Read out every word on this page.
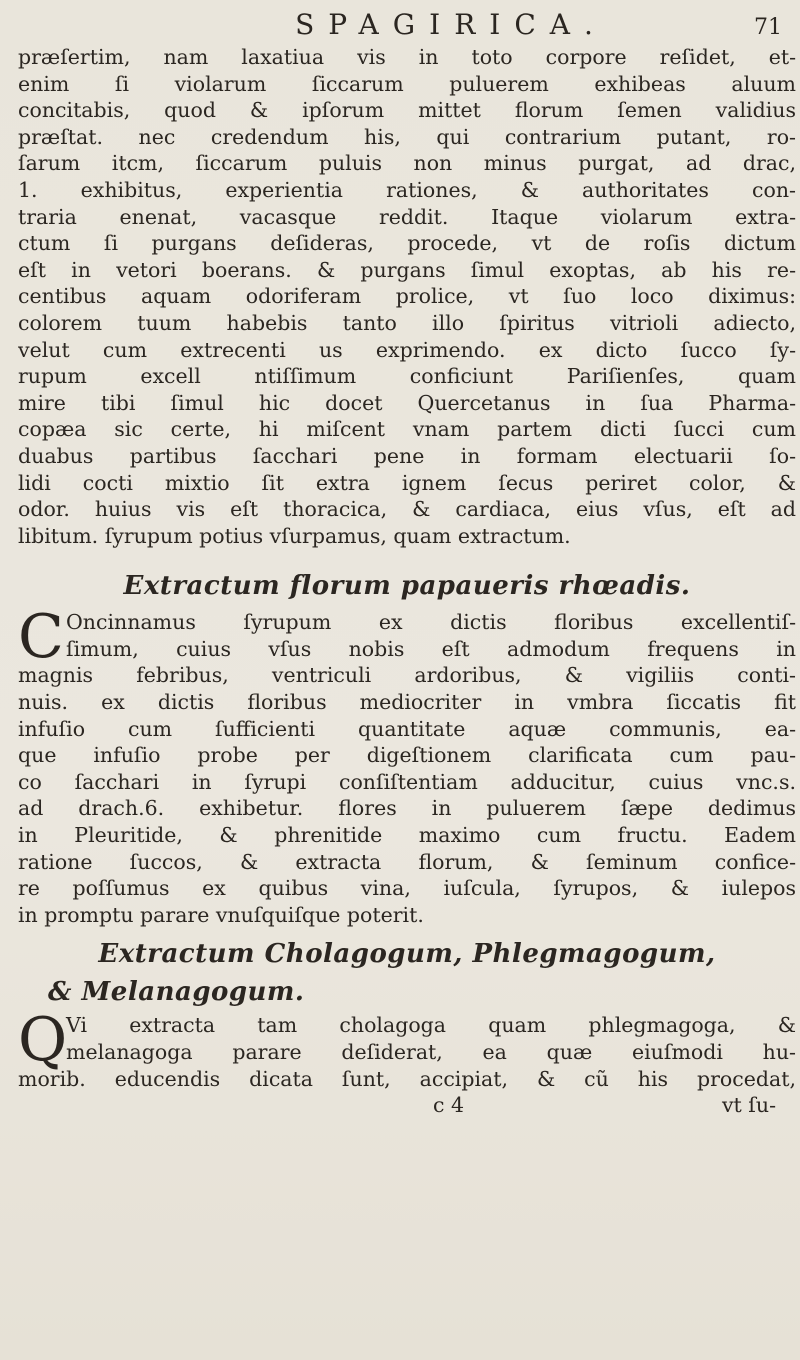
SPAGIRICA.	71
præſertim, nam laxatiua vis in toto corpore reſidet, et-
enim ſi violarum ſiccarum puluerem exhibeas aluum
concitabis, quod & ipſorum mittet florum ſemen validius
præſtat. nec credendum his, qui contrarium putant, ro-
ſarum itcm, ſiccarum puluis non minus purgat, ad drac,
1. exhibitus, experientia rationes, & authoritates con-
traria enenat, vacasque reddit. Itaque violarum extra-
ctum ſi purgans deſideras, procede, vt de roſis dictum
eſt in vetori boerans. & purgans ſimul exoptas, ab his re-
centibus aquam odoriferam prolice, vt ſuo loco diximus:
colorem tuum habebis tanto illo ſpiritus vitrioli adiecto,
velut cum extrecenti us exprimendo. ex dicto ſucco ſy-
rupum excell ntiſſimum conficiunt Pariſienſes, quam
mire tibi ſimul hic docet Quercetanus in ſua Pharma-
copæa sic certe, hi miſcent vnam partem dicti ſucci cum
duabus partibus ſacchari pene in formam electuarii ſo-
lidi cocti mixtio ſit extra ignem ſecus periret color, &
odor. huius vis eſt thoracica, & cardiaca, eius vſus, eſt ad
libitum. ſyrupum potius vſurpamus, quam extractum.
Extractum florum papaueris rhœadis.
C Oncinnamus ſyrupum ex dictis floribus excellentiſ-
ſimum, cuius vſus nobis eſt admodum frequens in
magnis febribus, ventriculi ardoribus, & vigiliis conti-
nuis. ex dictis floribus mediocriter in vmbra ſiccatis fit
infuſio cum ſufficienti quantitate aquæ communis, ea-
que infuſio probe per digeſtionem clarificata cum pau-
co ſacchari in ſyrupi conſiſtentiam adducitur, cuius vnc.s.
ad drach.6. exhibetur. flores in puluerem ſæpe dedimus
in Pleuritide, & phrenitide maximo cum fructu. Eadem
ratione ſuccos, & extracta florum, & ſeminum confice-
re poſſumus ex quibus vina, iuſcula, ſyrupos, & iulepos
in promptu parare vnuſquiſque poterit.
Extractum Cholagogum, Phlegmagogum,
& Melanagogum.
Q
Vi extracta tam cholagoga quam phlegmagoga, &
melanagoga parare deſiderat, ea quæ eiuſmodi hu-
morib. educendis dicata ſunt, accipiat, & cũ his procedat,
c 4	vt ſu-
